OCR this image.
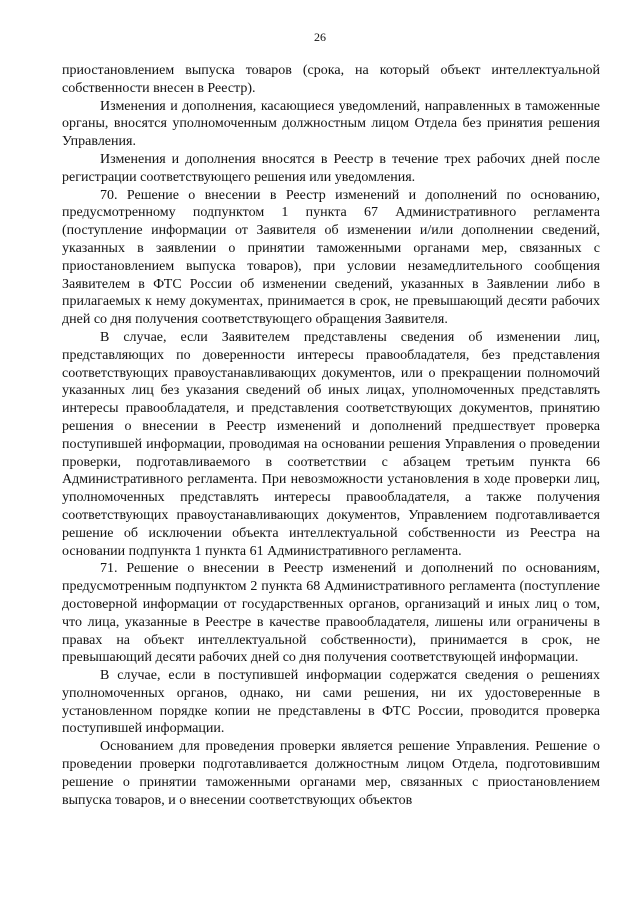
26

приостановлением выпуска товаров (срока, на который объект интеллектуальной собственности внесен в Реестр).

Изменения и дополнения, касающиеся уведомлений, направленных в таможенные органы, вносятся уполномоченным должностным лицом Отдела без принятия решения Управления.

Изменения и дополнения вносятся в Реестр в течение трех рабочих дней после регистрации соответствующего решения или уведомления.

70. Решение о внесении в Реестр изменений и дополнений по основанию, предусмотренному подпунктом 1 пункта 67 Административного регламента (поступление информации от Заявителя об изменении и/или дополнении сведений, указанных в заявлении о принятии таможенными органами мер, связанных с приостановлением выпуска товаров), при условии незамедлительного сообщения Заявителем в ФТС России об изменении сведений, указанных в Заявлении либо в прилагаемых к нему документах, принимается в срок, не превышающий десяти рабочих дней со дня получения соответствующего обращения Заявителя.

В случае, если Заявителем представлены сведения об изменении лиц, представляющих по доверенности интересы правообладателя, без представления соответствующих правоустанавливающих документов, или о прекращении полномочий указанных лиц без указания сведений об иных лицах, уполномоченных представлять интересы правообладателя, и представления соответствующих документов, принятию решения о внесении в Реестр изменений и дополнений предшествует проверка поступившей информации, проводимая на основании решения Управления о проведении проверки, подготавливаемого в соответствии с абзацем третьим пункта 66 Административного регламента. При невозможности установления в ходе проверки лиц, уполномоченных представлять интересы правообладателя, а также получения соответствующих правоустанавливающих документов, Управлением подготавливается решение об исключении объекта интеллектуальной собственности из Реестра на основании подпункта 1 пункта 61 Административного регламента.

71. Решение о внесении в Реестр изменений и дополнений по основаниям, предусмотренным подпунктом 2 пункта 68 Административного регламента (поступление достоверной информации от государственных органов, организаций и иных лиц о том, что лица, указанные в Реестре в качестве правообладателя, лишены или ограничены в правах на объект интеллектуальной собственности), принимается в срок, не превышающий десяти рабочих дней со дня получения соответствующей информации.

В случае, если в поступившей информации содержатся сведения о решениях уполномоченных органов, однако, ни сами решения, ни их удостоверенные в установленном порядке копии не представлены в ФТС России, проводится проверка поступившей информации.

Основанием для проведения проверки является решение Управления. Решение о проведении проверки подготавливается должностным лицом Отдела, подготовившим решение о принятии таможенными органами мер, связанных с приостановлением выпуска товаров, и о внесении соответствующих объектов
